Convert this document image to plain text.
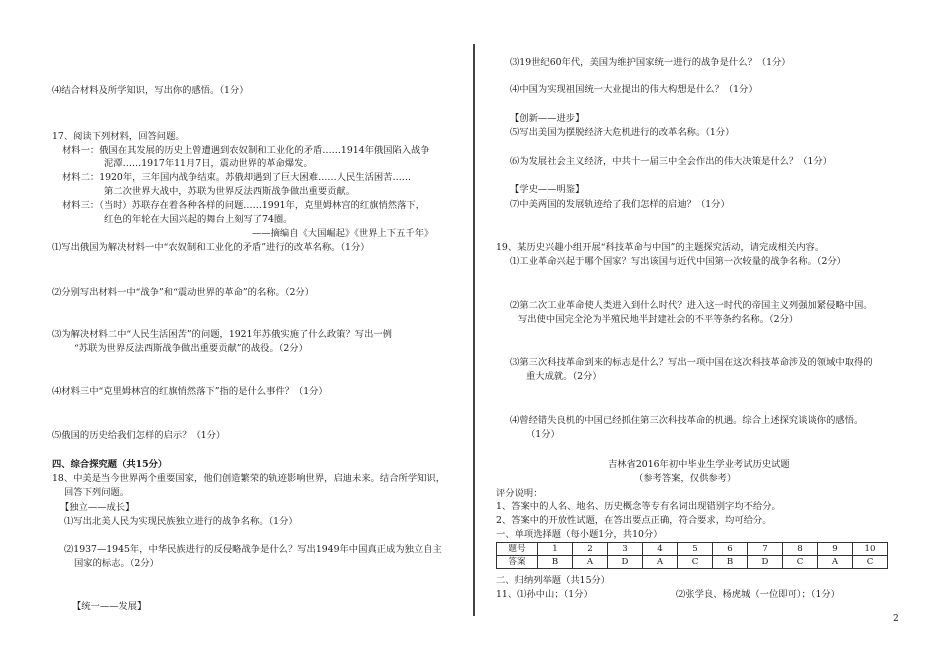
⑷结合材料及所学知识，写出你的感悟。（1分）
17、阅读下列材料，回答问题。
材料一：俄国在其发展的历史上曾遭遇到农奴制和工业化的矛盾……1914年俄国陷入战争
泥潭……1917年11月7日，震动世界的革命爆发。
材料二：1920年，三年国内战争结束。苏俄却遇到了巨大困难……人民生活困苦……
第二次世界大战中，苏联为世界反法西斯战争做出重要贡献。
材料三：（当时）苏联存在着各种各样的问题……1991年，克里姆林宫的红旗悄然落下，
红色的年轮在大国兴起的舞台上刻写了74圈。
——摘编自《大国崛起》《世界上下五千年》
⑴写出俄国为解决材料一中“农奴制和工业化的矛盾”进行的改革名称。（1分）
⑵分别写出材料一中“战争”和“震动世界的革命”的名称。（2分）
⑶为解决材料二中“人民生活困苦”的问题，1921年苏俄实施了什么政策？写出一例
“苏联为世界反法西斯战争做出重要贡献”的战役。（2分）
⑷材料三中“克里姆林宫的红旗悄然落下”指的是什么事件？（1分）
⑸俄国的历史给我们怎样的启示？（1分）
四、综合探究题（共15分）
18、中美是当今世界两个重要国家，他们创造繁荣的轨迹影响世界，启迪未来。结合所学知识，
回答下列问题。
【独立——成长】
⑴写出北美人民为实现民族独立进行的战争名称。（1分）
⑵1937—1945年，中华民族进行的反侵略战争是什么？写出1949年中国真正成为独立自主
国家的标志。（2分）
【统一——发展】
⑶19世纪60年代，美国为维护国家统一进行的战争是什么？（1分）
⑷中国为实现祖国统一大业提出的伟大构想是什么？（1分）
【创新——进步】
⑸写出美国为摆脱经济大危机进行的改革名称。（1分）
⑹为发展社会主义经济，中共十一届三中全会作出的伟大决策是什么？（1分）
【学史——明鉴】
⑺中美两国的发展轨迹给了我们怎样的启迪？（1分）
19、某历史兴趣小组开展“科技革命与中国”的主题探究活动，请完成相关内容。
⑴工业革命兴起于哪个国家？写出该国与近代中国第一次较量的战争名称。（2分）
⑵第二次工业革命使人类进入到什么时代？进入这一时代的帝国主义列强加紧侵略中国。
写出使中国完全沦为半殖民地半封建社会的不平等条约名称。（2分）
⑶第三次科技革命到来的标志是什么？写出一项中国在这次科技革命涉及的领域中取得的
重大成就。（2分）
⑷曾经错失良机的中国已经抓住第三次科技革命的机遇。综合上述探究谈谈你的感悟。
（1分）
吉林省2016年初中毕业生学业考试历史试题
（参考答案，仅供参考）
评分说明：
1、答案中的人名、地名、历史概念等专有名词出现错别字均不给分。
2、答案中的开放性试题，在答出要点正确，符合要求，均可给分。
一、单项选择题（每小题1分，共10分）
二、归纳列举题（共15分）
11、⑴孙中山；（1分）	⑵张学良、杨虎城（一位即可）；（1分）
题号	1	2	3	4	5	6	7	8	9	10
答案	B	A	D	A	C	B	D	C	A	C
2
